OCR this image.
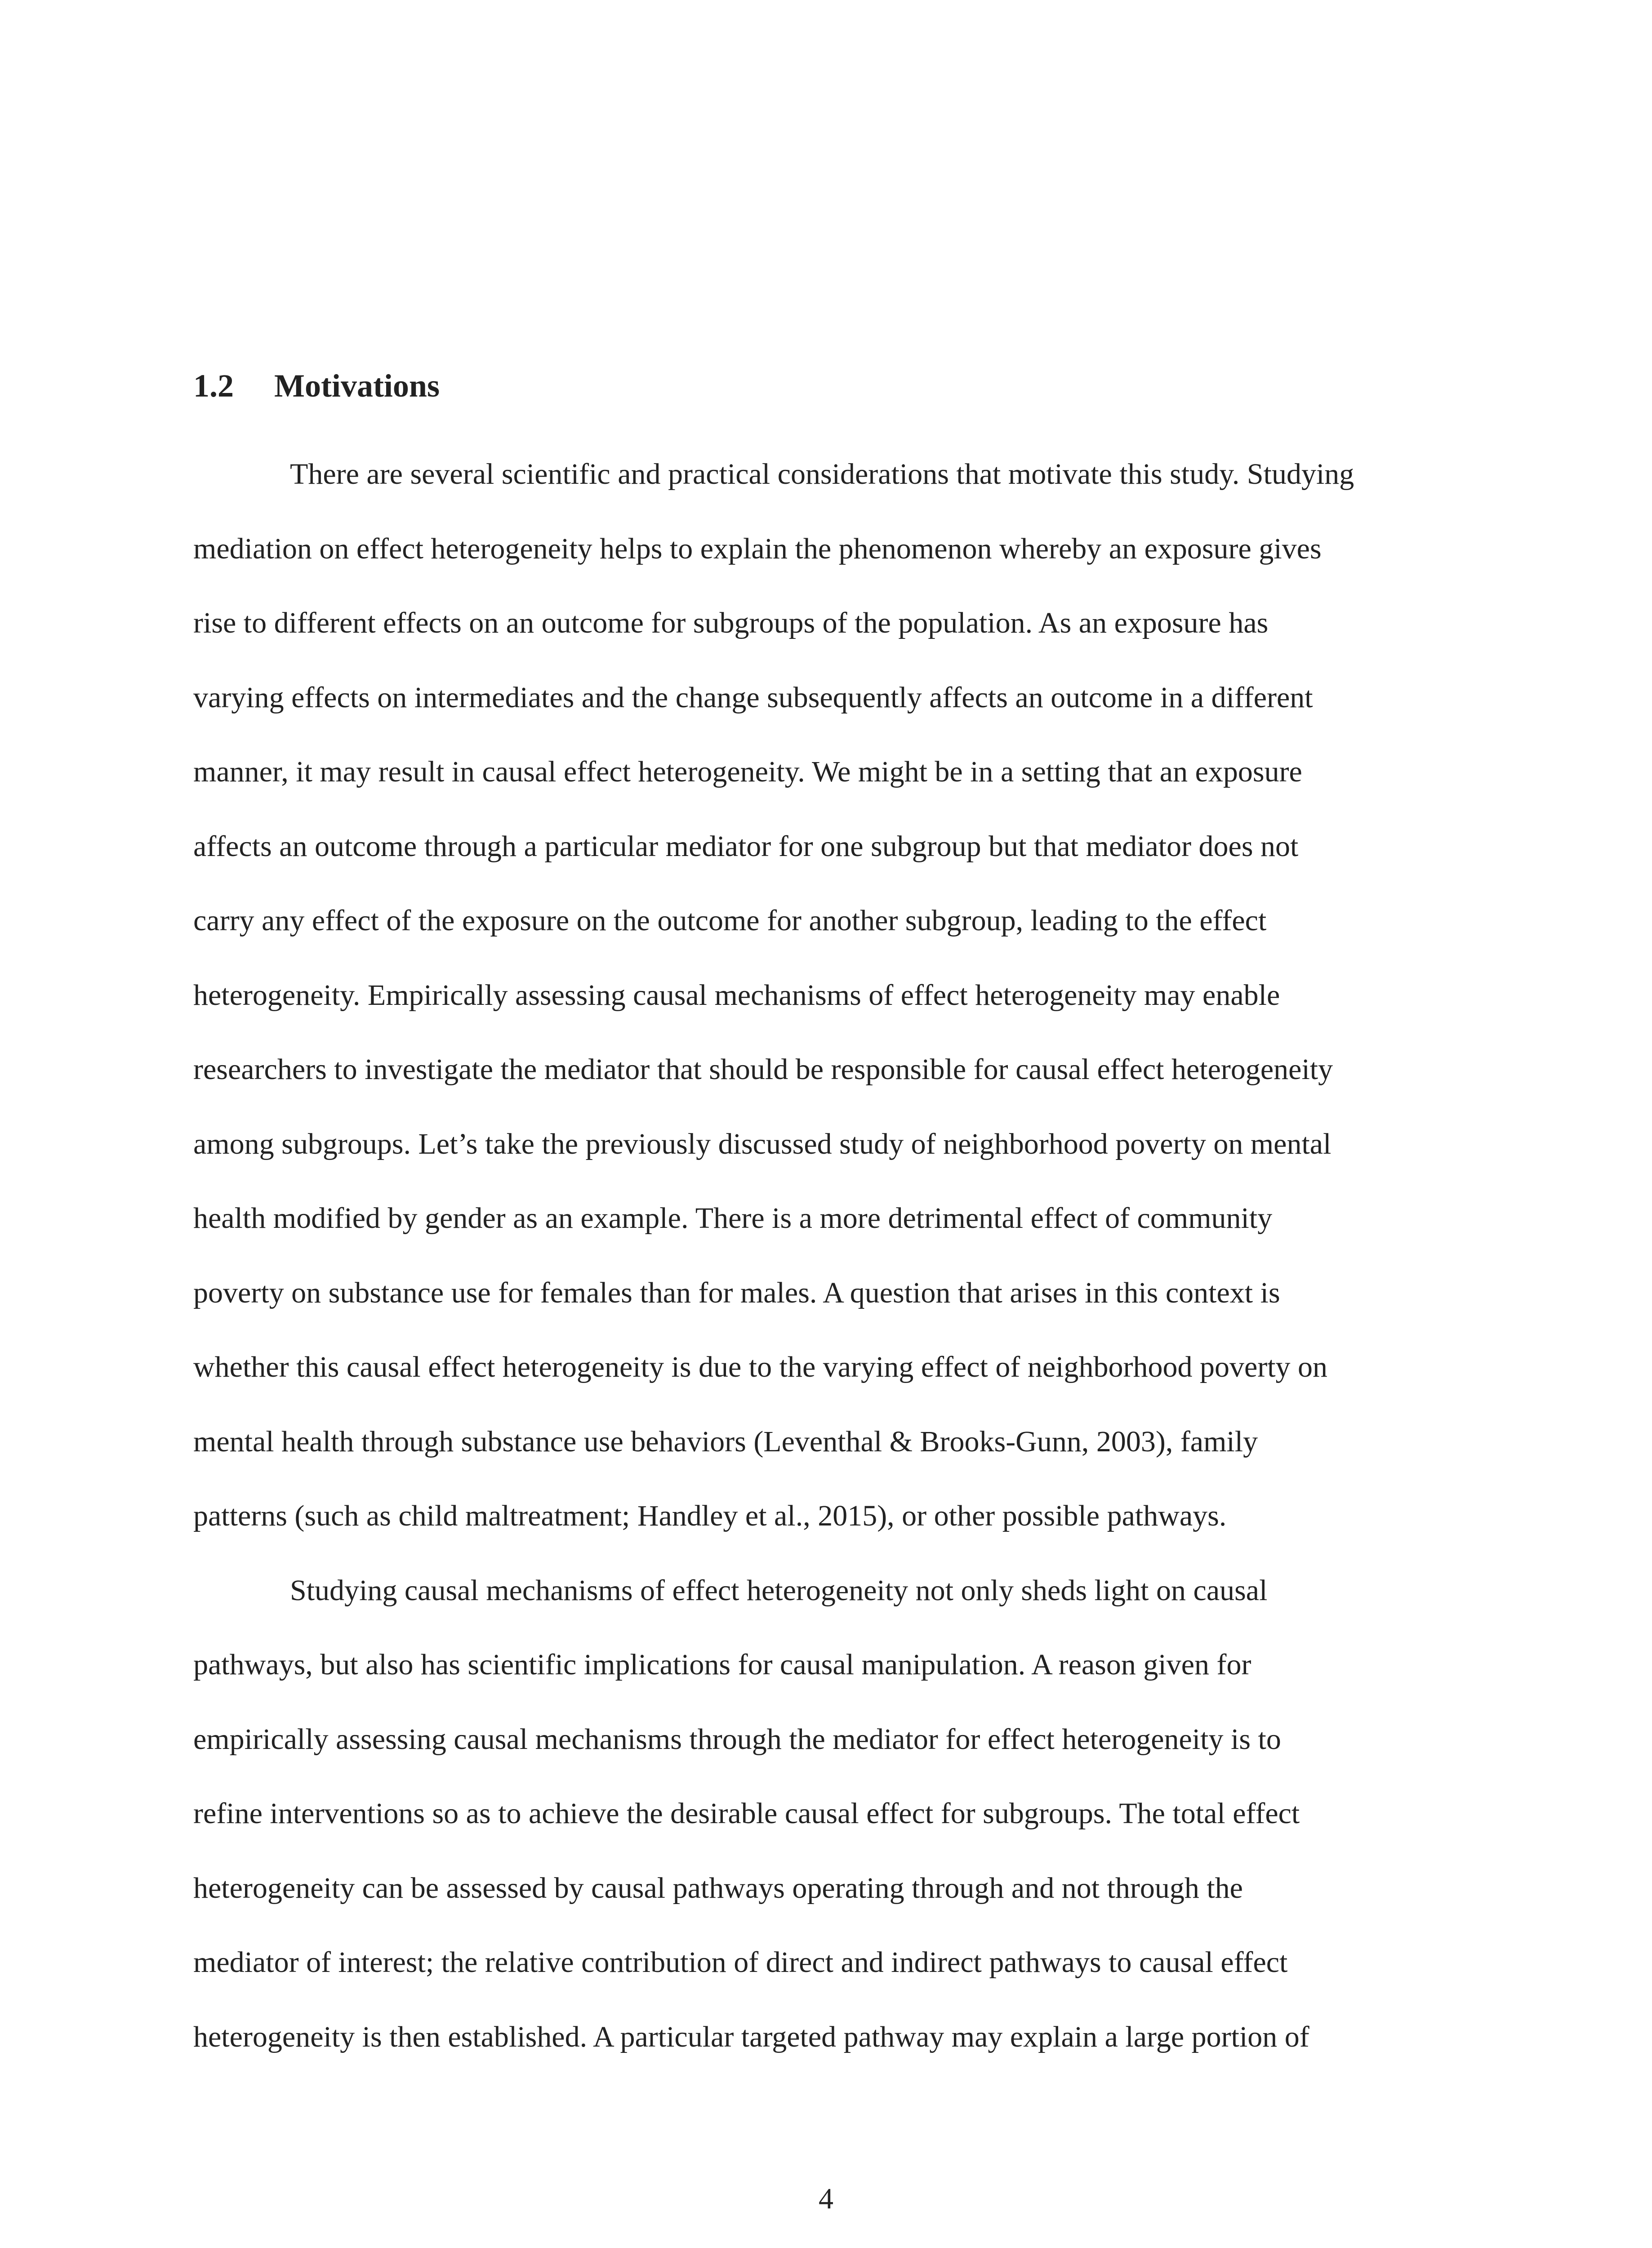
1.2 Motivations
There are several scientific and practical considerations that motivate this study. Studying
mediation on effect heterogeneity helps to explain the phenomenon whereby an exposure gives
rise to different effects on an outcome for subgroups of the population. As an exposure has
varying effects on intermediates and the change subsequently affects an outcome in a different
manner, it may result in causal effect heterogeneity. We might be in a setting that an exposure
affects an outcome through a particular mediator for one subgroup but that mediator does not
carry any effect of the exposure on the outcome for another subgroup, leading to the effect
heterogeneity. Empirically assessing causal mechanisms of effect heterogeneity may enable
researchers to investigate the mediator that should be responsible for causal effect heterogeneity
among subgroups. Let’s take the previously discussed study of neighborhood poverty on mental
health modified by gender as an example. There is a more detrimental effect of community
poverty on substance use for females than for males. A question that arises in this context is
whether this causal effect heterogeneity is due to the varying effect of neighborhood poverty on
mental health through substance use behaviors (Leventhal & Brooks-Gunn, 2003), family
patterns (such as child maltreatment; Handley et al., 2015), or other possible pathways.
Studying causal mechanisms of effect heterogeneity not only sheds light on causal
pathways, but also has scientific implications for causal manipulation. A reason given for
empirically assessing causal mechanisms through the mediator for effect heterogeneity is to
refine interventions so as to achieve the desirable causal effect for subgroups. The total effect
heterogeneity can be assessed by causal pathways operating through and not through the
mediator of interest; the relative contribution of direct and indirect pathways to causal effect
heterogeneity is then established. A particular targeted pathway may explain a large portion of
4
